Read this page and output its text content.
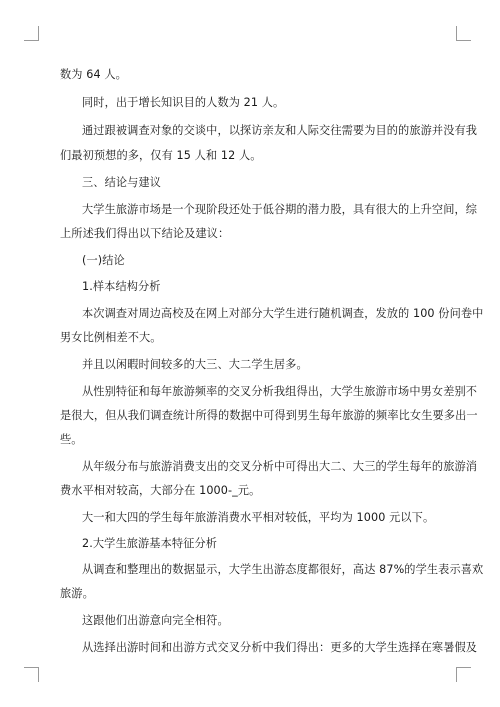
数为 64 人。
同时，出于增长知识目的人数为 21 人。
通过跟被调查对象的交谈中，以探访亲友和人际交往需要为目的的旅游并没有我
们最初预想的多，仅有 15 人和 12 人。
三、结论与建议
大学生旅游市场是一个现阶段还处于低谷期的潜力股，具有很大的上升空间，综
上所述我们得出以下结论及建议：
(一)结论
1.样本结构分析
本次调查对周边高校及在网上对部分大学生进行随机调查，发放的 100 份问卷中
男女比例相差不大。
并且以闲暇时间较多的大三、大二学生居多。
从性别特征和每年旅游频率的交叉分析我组得出，大学生旅游市场中男女差别不
是很大，但从我们调查统计所得的数据中可得到男生每年旅游的频率比女生要多出一
些。
从年级分布与旅游消费支出的交叉分析中可得出大二、大三的学生每年的旅游消
费水平相对较高，大部分在 1000-_元。
大一和大四的学生每年旅游消费水平相对较低，平均为 1000 元以下。
2.大学生旅游基本特征分析
从调查和整理出的数据显示，大学生出游态度都很好，高达 87%的学生表示喜欢
旅游。
这跟他们出游意向完全相符。
从选择出游时间和出游方式交叉分析中我们得出：更多的大学生选择在寒暑假及
